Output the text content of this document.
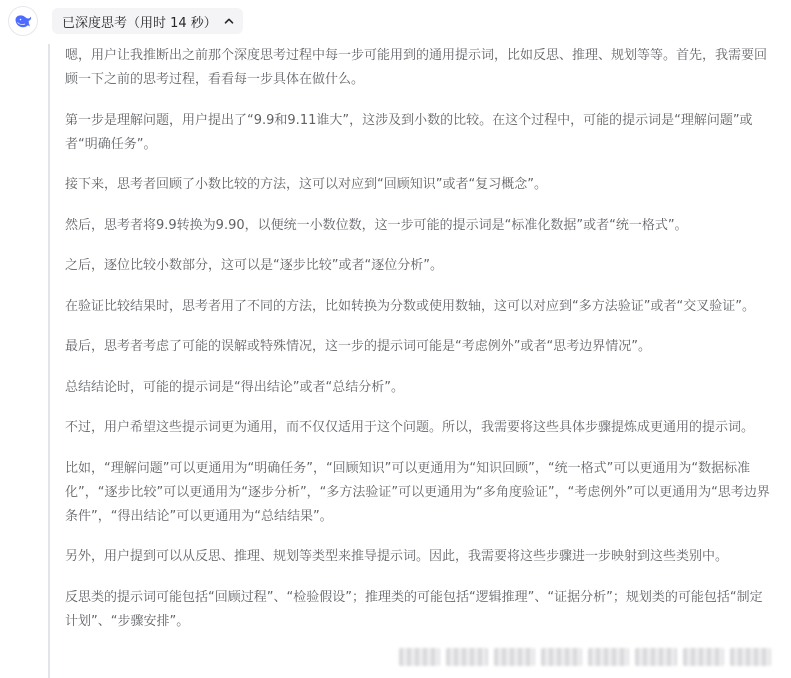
已深度思考（用时 14 秒）

嗯，用户让我推断出之前那个深度思考过程中每一步可能用到的通用提示词，比如反思、推理、规划等等。首先，我需要回顾一下之前的思考过程，看看每一步具体在做什么。

第一步是理解问题，用户提出了“9.9和9.11谁大”，这涉及到小数的比较。在这个过程中，可能的提示词是“理解问题”或者“明确任务”。

接下来，思考者回顾了小数比较的方法，这可以对应到“回顾知识”或者“复习概念”。

然后，思考者将9.9转换为9.90，以便统一小数位数，这一步可能的提示词是“标准化数据”或者“统一格式”。

之后，逐位比较小数部分，这可以是“逐步比较”或者“逐位分析”。

在验证比较结果时，思考者用了不同的方法，比如转换为分数或使用数轴，这可以对应到“多方法验证”或者“交叉验证”。

最后，思考者考虑了可能的误解或特殊情况，这一步的提示词可能是“考虑例外”或者“思考边界情况”。

总结结论时，可能的提示词是“得出结论”或者“总结分析”。

不过，用户希望这些提示词更为通用，而不仅仅适用于这个问题。所以，我需要将这些具体步骤提炼成更通用的提示词。

比如，“理解问题”可以更通用为“明确任务”，“回顾知识”可以更通用为“知识回顾”，“统一格式”可以更通用为“数据标准化”，“逐步比较”可以更通用为“逐步分析”，“多方法验证”可以更通用为“多角度验证”，“考虑例外”可以更通用为“思考边界条件”，“得出结论”可以更通用为“总结结果”。

另外，用户提到可以从反思、推理、规划等类型来推导提示词。因此，我需要将这些步骤进一步映射到这些类别中。

反思类的提示词可能包括“回顾过程”、“检验假设”；推理类的可能包括“逻辑推理”、“证据分析”；规划类的可能包括“制定计划”、“步骤安排”。
